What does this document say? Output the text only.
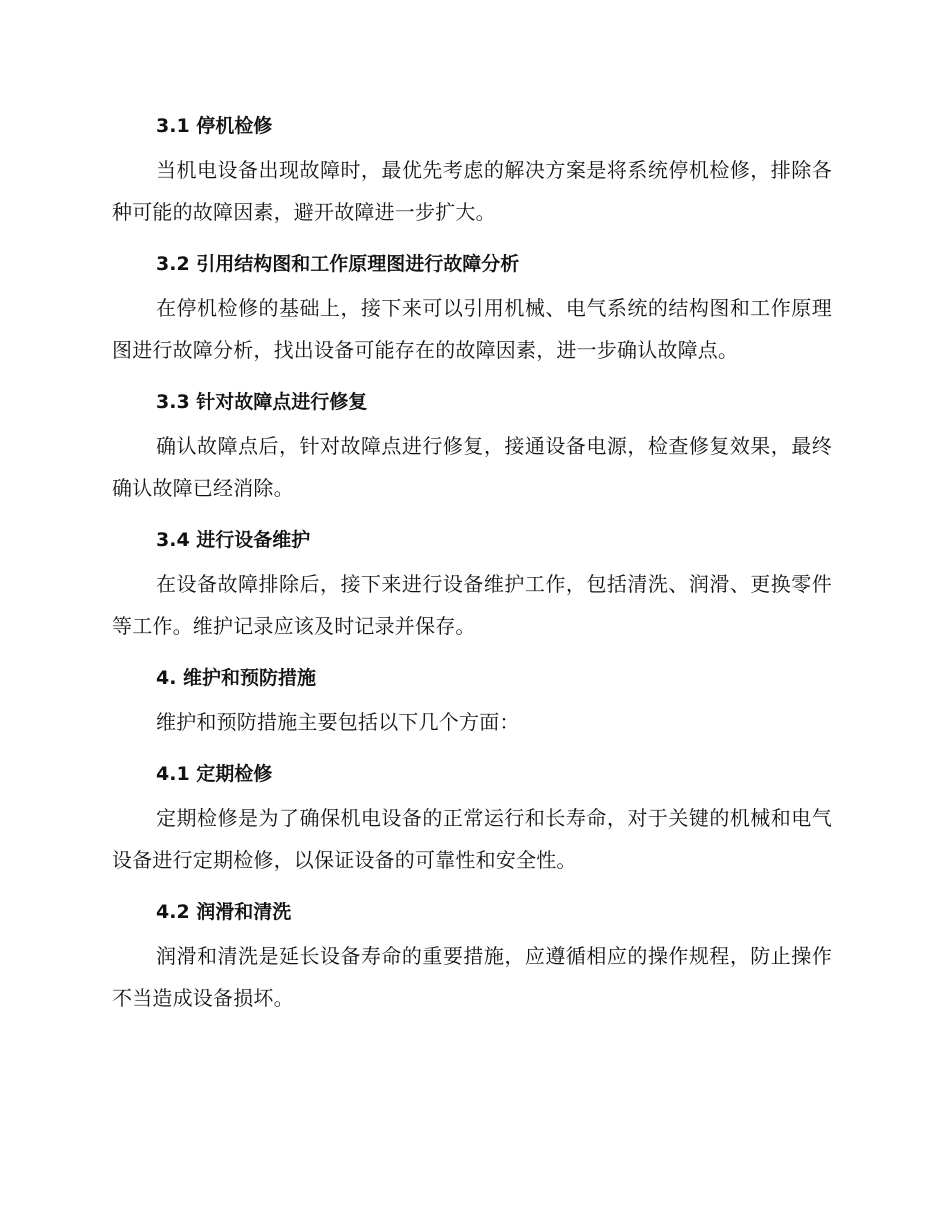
3.1 停机检修

当机电设备出现故障时，最优先考虑的解决方案是将系统停机检修，排除各种可能的故障因素，避开故障进一步扩大。

3.2 引用结构图和工作原理图进行故障分析

在停机检修的基础上，接下来可以引用机械、电气系统的结构图和工作原理图进行故障分析，找出设备可能存在的故障因素，进一步确认故障点。

3.3 针对故障点进行修复

确认故障点后，针对故障点进行修复，接通设备电源，检查修复效果，最终确认故障已经消除。

3.4 进行设备维护

在设备故障排除后，接下来进行设备维护工作，包括清洗、润滑、更换零件等工作。维护记录应该及时记录并保存。

4. 维护和预防措施

维护和预防措施主要包括以下几个方面：

4.1 定期检修

定期检修是为了确保机电设备的正常运行和长寿命，对于关键的机械和电气设备进行定期检修，以保证设备的可靠性和安全性。

4.2 润滑和清洗

润滑和清洗是延长设备寿命的重要措施，应遵循相应的操作规程，防止操作不当造成设备损坏。
